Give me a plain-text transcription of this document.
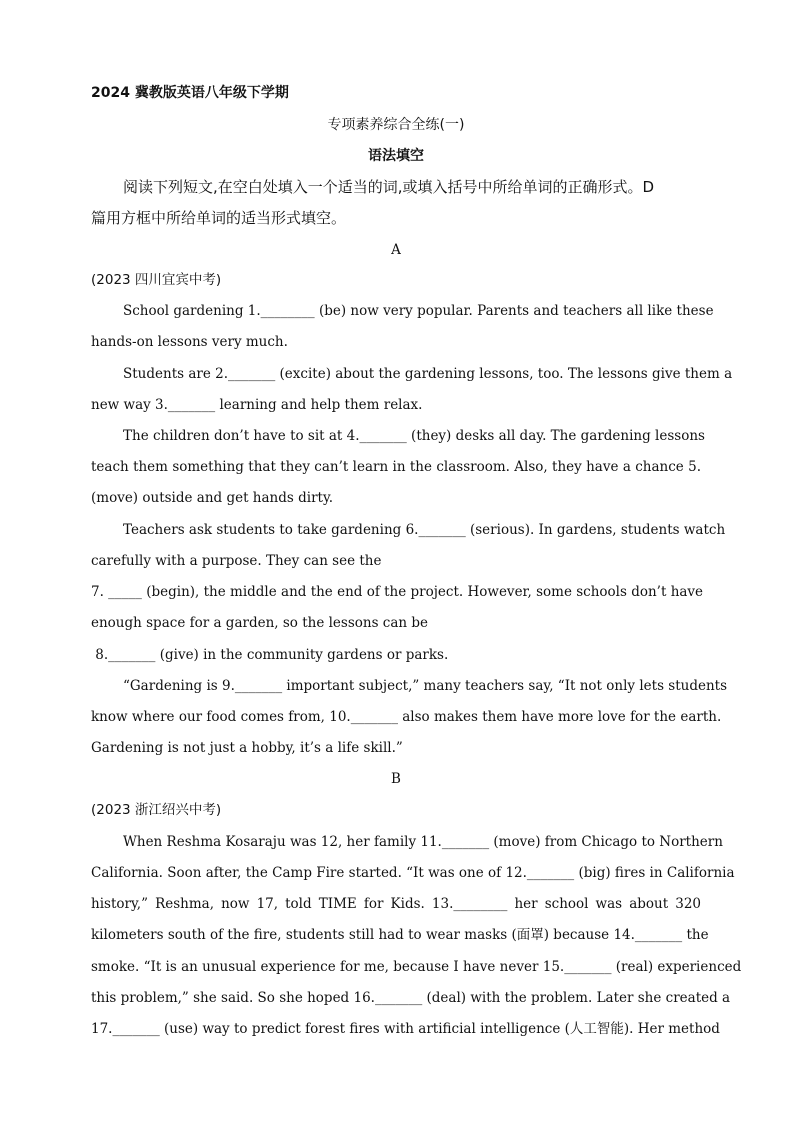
2024 冀教版英语八年级下学期
专项素养综合全练(一)
语法填空
阅读下列短文,在空白处填入一个适当的词,或填入括号中所给单词的正确形式。D
篇用方框中所给单词的适当形式填空。
A
(2023 四川宜宾中考)
School gardening 1.________ (be) now very popular. Parents and teachers all like these
hands-on lessons very much.
Students are 2._______ (excite) about the gardening lessons, too. The lessons give them a
new way 3._______ learning and help them relax.
The children don’t have to sit at 4._______ (they) desks all day. The gardening lessons
teach them something that they can’t learn in the classroom. Also, they have a chance 5.
(move) outside and get hands dirty.
Teachers ask students to take gardening 6._______ (serious). In gardens, students watch
carefully with a purpose. They can see the
7. _____ (begin), the middle and the end of the project. However, some schools don’t have
enough space for a garden, so the lessons can be
8._______ (give) in the community gardens or parks.
“Gardening is 9._______ important subject,” many teachers say, “It not only lets students
know where our food comes from, 10._______ also makes them have more love for the earth.
Gardening is not just a hobby, it’s a life skill.”
B
(2023 浙江绍兴中考)
When Reshma Kosaraju was 12, her family 11._______ (move) from Chicago to Northern
California. Soon after, the Camp Fire started. “It was one of 12._______ (big) fires in California
history,” Reshma, now 17, told TIME for Kids. 13.________ her school was about 320
kilometers south of the fire, students still had to wear masks (面罩) because 14._______ the
smoke. “It is an unusual experience for me, because I have never 15._______ (real) experienced
this problem,” she said. So she hoped 16._______ (deal) with the problem. Later she created a
17._______ (use) way to predict forest fires with artificial intelligence (人工智能). Her method
